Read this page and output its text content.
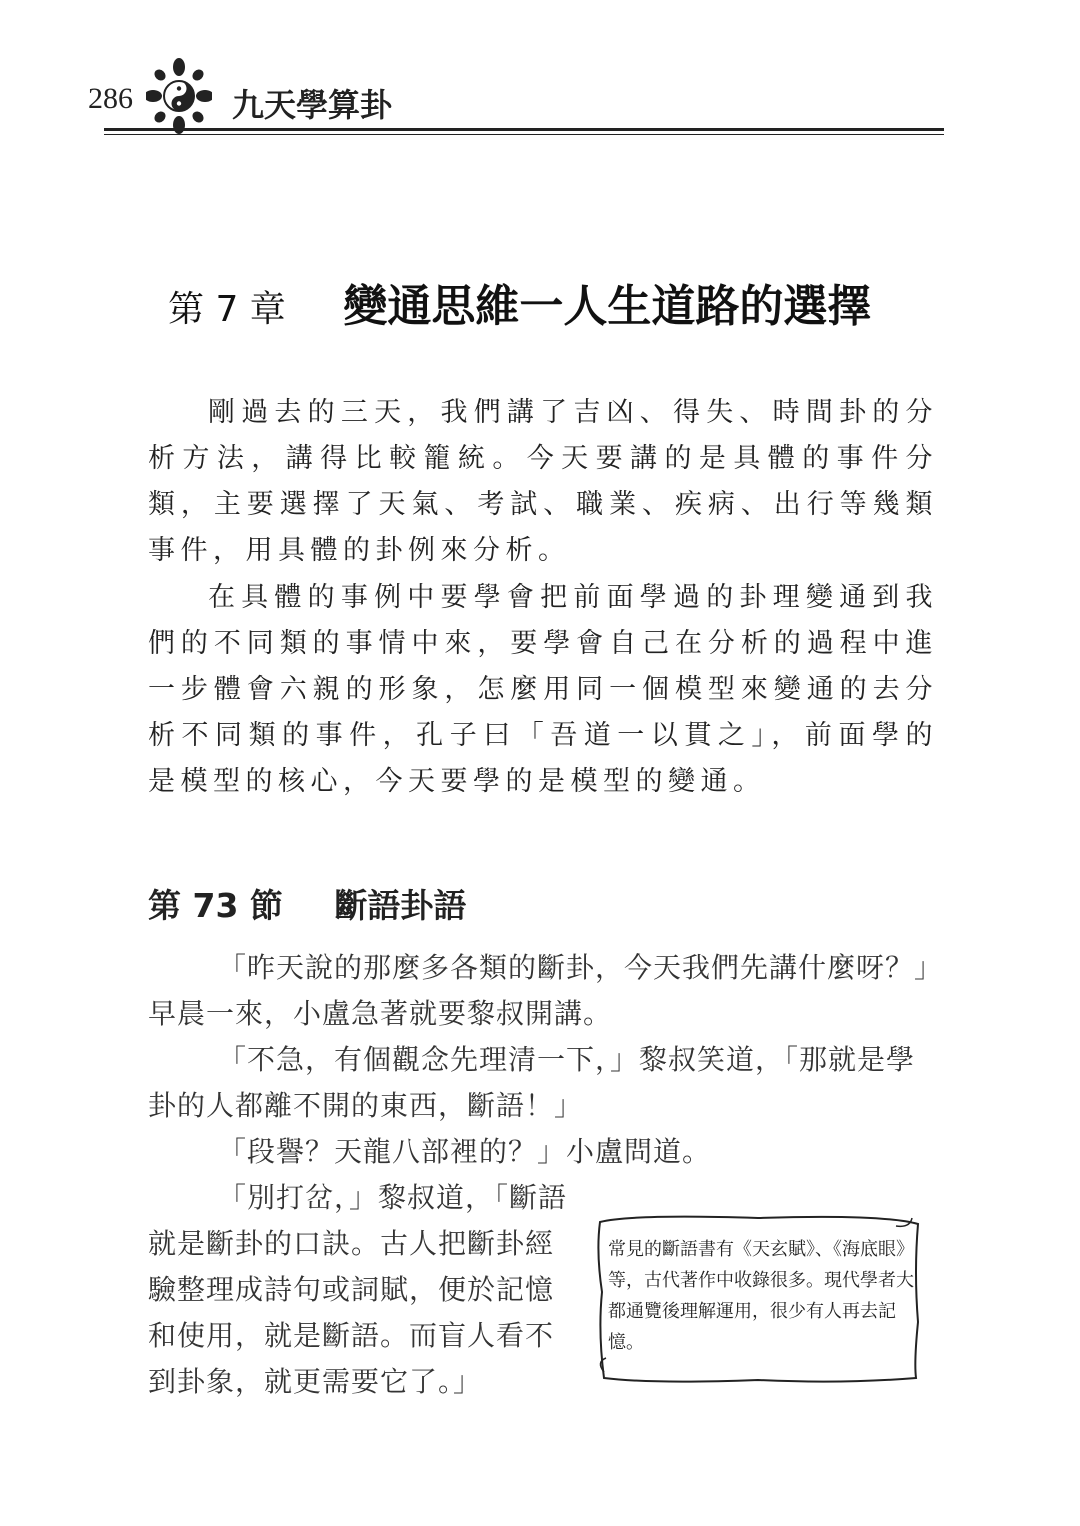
286	九天學算卦
第 7 章 變通思維一人生道路的選擇

剛過去的三天，我們講了吉凶、得失、時間卦的分析方法，講得比較籠統。今天要講的是具體的事件分類，主要選擇了天氣、考試、職業、疾病、出行等幾類事件，用具體的卦例來分析。

在具體的事例中要學會把前面學過的卦理變通到我們的不同類的事情中來，要學會自己在分析的過程中進一步體會六親的形象，怎麼用同一個模型來變通的去分析不同類的事件，孔子曰「吾道一以貫之」，前面學的是模型的核心，今天要學的是模型的變通。

第 73 節 斷語卦語

「昨天說的那麼多各類的斷卦，今天我們先講什麼呀？」早晨一來，小盧急著就要黎叔開講。

「不急，有個觀念先理清一下，」黎叔笑道，「那就是學卦的人都離不開的東西，斷語！」

「段譽？天龍八部裡的？」小盧問道。

「別打岔，」黎叔道，「斷語就是斷卦的口訣。古人把斷卦經驗整理成詩句或詞賦，便於記憶和使用，就是斷語。而盲人看不到卦象，就更需要它了。」

常見的斷語書有《天玄賦》、《海底眼》等，古代著作中收錄很多。現代學者大都通覽後理解運用，很少有人再去記憶。
